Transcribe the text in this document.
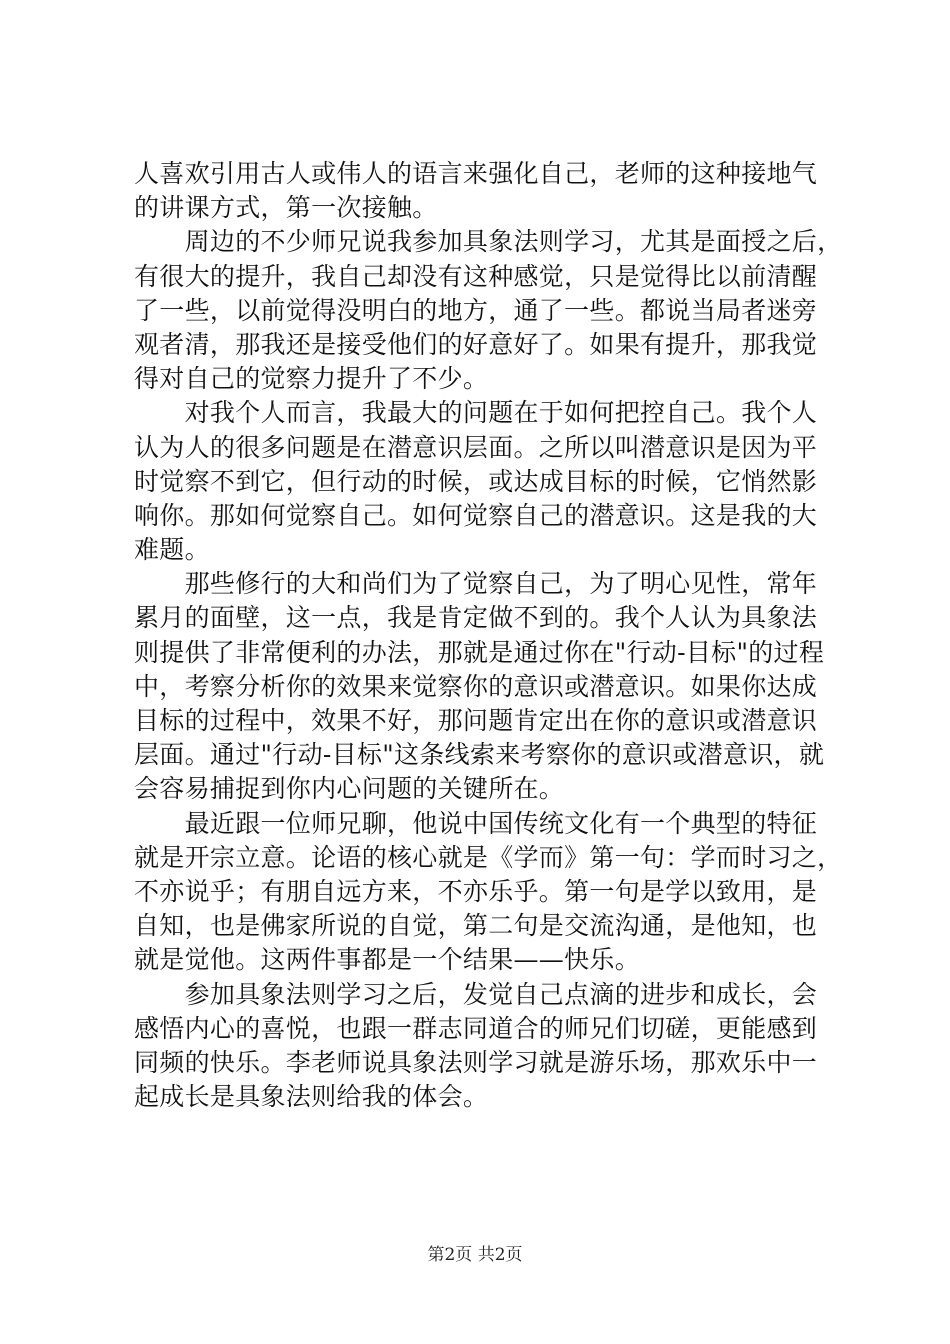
人喜欢引用古人或伟人的语言来强化自己，老师的这种接地气
的讲课方式，第一次接触。
　　周边的不少师兄说我参加具象法则学习，尤其是面授之后，
有很大的提升，我自己却没有这种感觉，只是觉得比以前清醒
了一些，以前觉得没明白的地方，通了一些。都说当局者迷旁
观者清，那我还是接受他们的好意好了。如果有提升，那我觉
得对自己的觉察力提升了不少。
　　对我个人而言，我最大的问题在于如何把控自己。我个人
认为人的很多问题是在潜意识层面。之所以叫潜意识是因为平
时觉察不到它，但行动的时候，或达成目标的时候，它悄然影
响你。那如何觉察自己。如何觉察自己的潜意识。这是我的大
难题。
　　那些修行的大和尚们为了觉察自己，为了明心见性，常年
累月的面壁，这一点，我是肯定做不到的。我个人认为具象法
则提供了非常便利的办法，那就是通过你在"行动-目标"的过程
中，考察分析你的效果来觉察你的意识或潜意识。如果你达成
目标的过程中，效果不好，那问题肯定出在你的意识或潜意识
层面。通过"行动-目标"这条线索来考察你的意识或潜意识，就
会容易捕捉到你内心问题的关键所在。
　　最近跟一位师兄聊，他说中国传统文化有一个典型的特征
就是开宗立意。论语的核心就是《学而》第一句：学而时习之，
不亦说乎；有朋自远方来，不亦乐乎。第一句是学以致用，是
自知，也是佛家所说的自觉，第二句是交流沟通，是他知，也
就是觉他。这两件事都是一个结果——快乐。
　　参加具象法则学习之后，发觉自己点滴的进步和成长，会
感悟内心的喜悦，也跟一群志同道合的师兄们切磋，更能感到
同频的快乐。李老师说具象法则学习就是游乐场，那欢乐中一
起成长是具象法则给我的体会。
第2页 共2页
